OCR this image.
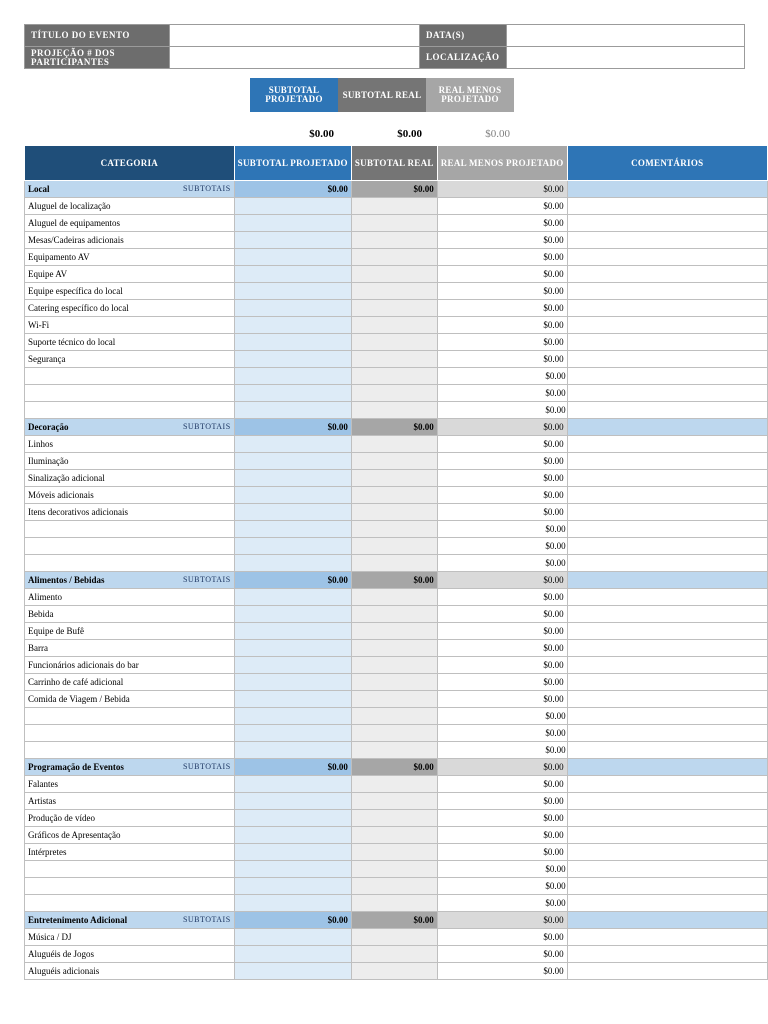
TÍTULO DO EVENTO		DATA(S)	
PROJEÇÃO # DOS PARTICIPANTES		LOCALIZAÇÃO	
SUBTOTAL PROJETADO	SUBTOTAL REAL	REAL MENOS PROJETADO
$0.00	$0.00	$0.00
CATEGORIA		SUBTOTAL PROJETADO	SUBTOTAL REAL	REAL MENOS PROJETADO	COMENTÁRIOS
Local	SUBTOTAIS	$0.00	$0.00	$0.00	
Aluguel de localização				$0.00	
Aluguel de equipamentos				$0.00	
Mesas/Cadeiras adicionais				$0.00	
Equipamento AV				$0.00	
Equipe AV				$0.00	
Equipe específica do local				$0.00	
Catering específico do local				$0.00	
Wi-Fi				$0.00	
Suporte técnico do local				$0.00	
Segurança				$0.00	
				$0.00	
				$0.00	
				$0.00	
Decoração	SUBTOTAIS	$0.00	$0.00	$0.00	
Linhos				$0.00	
Iluminação				$0.00	
Sinalização adicional				$0.00	
Móveis adicionais				$0.00	
Itens decorativos adicionais				$0.00	
				$0.00	
				$0.00	
				$0.00	
Alimentos / Bebidas	SUBTOTAIS	$0.00	$0.00	$0.00	
Alimento				$0.00	
Bebida				$0.00	
Equipe de Bufê				$0.00	
Barra				$0.00	
Funcionários adicionais do bar				$0.00	
Carrinho de café adicional				$0.00	
Comida de Viagem / Bebida				$0.00	
				$0.00	
				$0.00	
				$0.00	
Programação de Eventos	SUBTOTAIS	$0.00	$0.00	$0.00	
Falantes				$0.00	
Artistas				$0.00	
Produção de vídeo				$0.00	
Gráficos de Apresentação				$0.00	
Intérpretes				$0.00	
				$0.00	
				$0.00	
				$0.00	
Entretenimento Adicional	SUBTOTAIS	$0.00	$0.00	$0.00	
Música / DJ				$0.00	
Aluguéis de Jogos				$0.00	
Aluguéis adicionais				$0.00	
